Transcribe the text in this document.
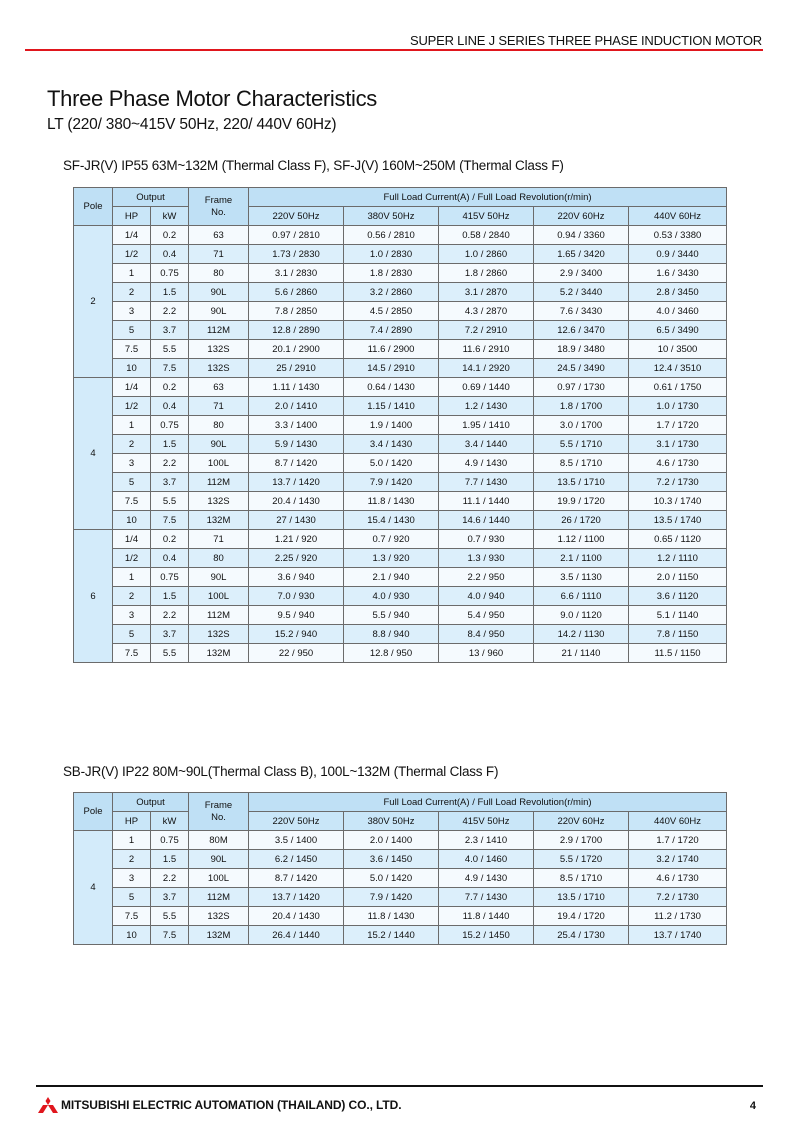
SUPER LINE J SERIES THREE PHASE INDUCTION MOTOR
Three Phase Motor Characteristics
LT (220/ 380~415V 50Hz, 220/ 440V 60Hz)
SF-JR(V) IP55 63M~132M (Thermal Class F), SF-J(V) 160M~250M (Thermal Class F)
Pole	Output		Frame No.	Full Load Current(A) / Full Load Revolution(r/min)				
	HP	kW		220V 50Hz	380V 50Hz	415V 50Hz	220V 60Hz	440V 60Hz
2	1/4	0.2	63	0.97 / 2810	0.56 / 2810	0.58 / 2840	0.94 / 3360	0.53 / 3380
	1/2	0.4	71	1.73 / 2830	1.0 / 2830	1.0 / 2860	1.65 / 3420	0.9 / 3440
	1	0.75	80	3.1 / 2830	1.8 / 2830	1.8 / 2860	2.9 / 3400	1.6 / 3430
	2	1.5	90L	5.6 / 2860	3.2 / 2860	3.1 / 2870	5.2 / 3440	2.8 / 3450
	3	2.2	90L	7.8 / 2850	4.5 / 2850	4.3 / 2870	7.6 / 3430	4.0 / 3460
	5	3.7	112M	12.8 / 2890	7.4 / 2890	7.2 / 2910	12.6 / 3470	6.5 / 3490
	7.5	5.5	132S	20.1 / 2900	11.6 / 2900	11.6 / 2910	18.9 / 3480	10 / 3500
	10	7.5	132S	25 / 2910	14.5 / 2910	14.1 / 2920	24.5 / 3490	12.4 / 3510
4	1/4	0.2	63	1.11 / 1430	0.64 / 1430	0.69 / 1440	0.97 / 1730	0.61 / 1750
	1/2	0.4	71	2.0 / 1410	1.15 / 1410	1.2 / 1430	1.8 / 1700	1.0 / 1730
	1	0.75	80	3.3 / 1400	1.9 / 1400	1.95 / 1410	3.0 / 1700	1.7 / 1720
	2	1.5	90L	5.9 / 1430	3.4 / 1430	3.4 / 1440	5.5 / 1710	3.1 / 1730
	3	2.2	100L	8.7 / 1420	5.0 / 1420	4.9 / 1430	8.5 / 1710	4.6 / 1730
	5	3.7	112M	13.7 / 1420	7.9 / 1420	7.7 / 1430	13.5 / 1710	7.2 / 1730
	7.5	5.5	132S	20.4 / 1430	11.8 / 1430	11.1 / 1440	19.9 / 1720	10.3 / 1740
	10	7.5	132M	27 / 1430	15.4 / 1430	14.6 / 1440	26 / 1720	13.5 / 1740
6	1/4	0.2	71	1.21 / 920	0.7 / 920	0.7 / 930	1.12 / 1100	0.65 / 1120
	1/2	0.4	80	2.25 / 920	1.3 / 920	1.3 / 930	2.1 / 1100	1.2 / 1110
	1	0.75	90L	3.6 / 940	2.1 / 940	2.2 / 950	3.5 / 1130	2.0 / 1150
	2	1.5	100L	7.0 / 930	4.0 / 930	4.0 / 940	6.6 / 1110	3.6 / 1120
	3	2.2	112M	9.5 / 940	5.5 / 940	5.4 / 950	9.0 / 1120	5.1 / 1140
	5	3.7	132S	15.2 / 940	8.8 / 940	8.4 / 950	14.2 / 1130	7.8 / 1150
	7.5	5.5	132M	22 / 950	12.8 / 950	13 / 960	21 / 1140	11.5 / 1150
SB-JR(V) IP22 80M~90L(Thermal Class B), 100L~132M (Thermal Class F)
Pole	Output		Frame No.	Full Load Current(A) / Full Load Revolution(r/min)				
	HP	kW		220V 50Hz	380V 50Hz	415V 50Hz	220V 60Hz	440V 60Hz
4	1	0.75	80M	3.5 / 1400	2.0 / 1400	2.3 / 1410	2.9 / 1700	1.7 / 1720
	2	1.5	90L	6.2 / 1450	3.6 / 1450	4.0 / 1460	5.5 / 1720	3.2 / 1740
	3	2.2	100L	8.7 / 1420	5.0 / 1420	4.9 / 1430	8.5 / 1710	4.6 / 1730
	5	3.7	112M	13.7 / 1420	7.9 / 1420	7.7 / 1430	13.5 / 1710	7.2 / 1730
	7.5	5.5	132S	20.4 / 1430	11.8 / 1430	11.8 / 1440	19.4 / 1720	11.2 / 1730
	10	7.5	132M	26.4 / 1440	15.2 / 1440	15.2 / 1450	25.4 / 1730	13.7 / 1740
MITSUBISHI ELECTRIC AUTOMATION (THAILAND) CO., LTD.	4
